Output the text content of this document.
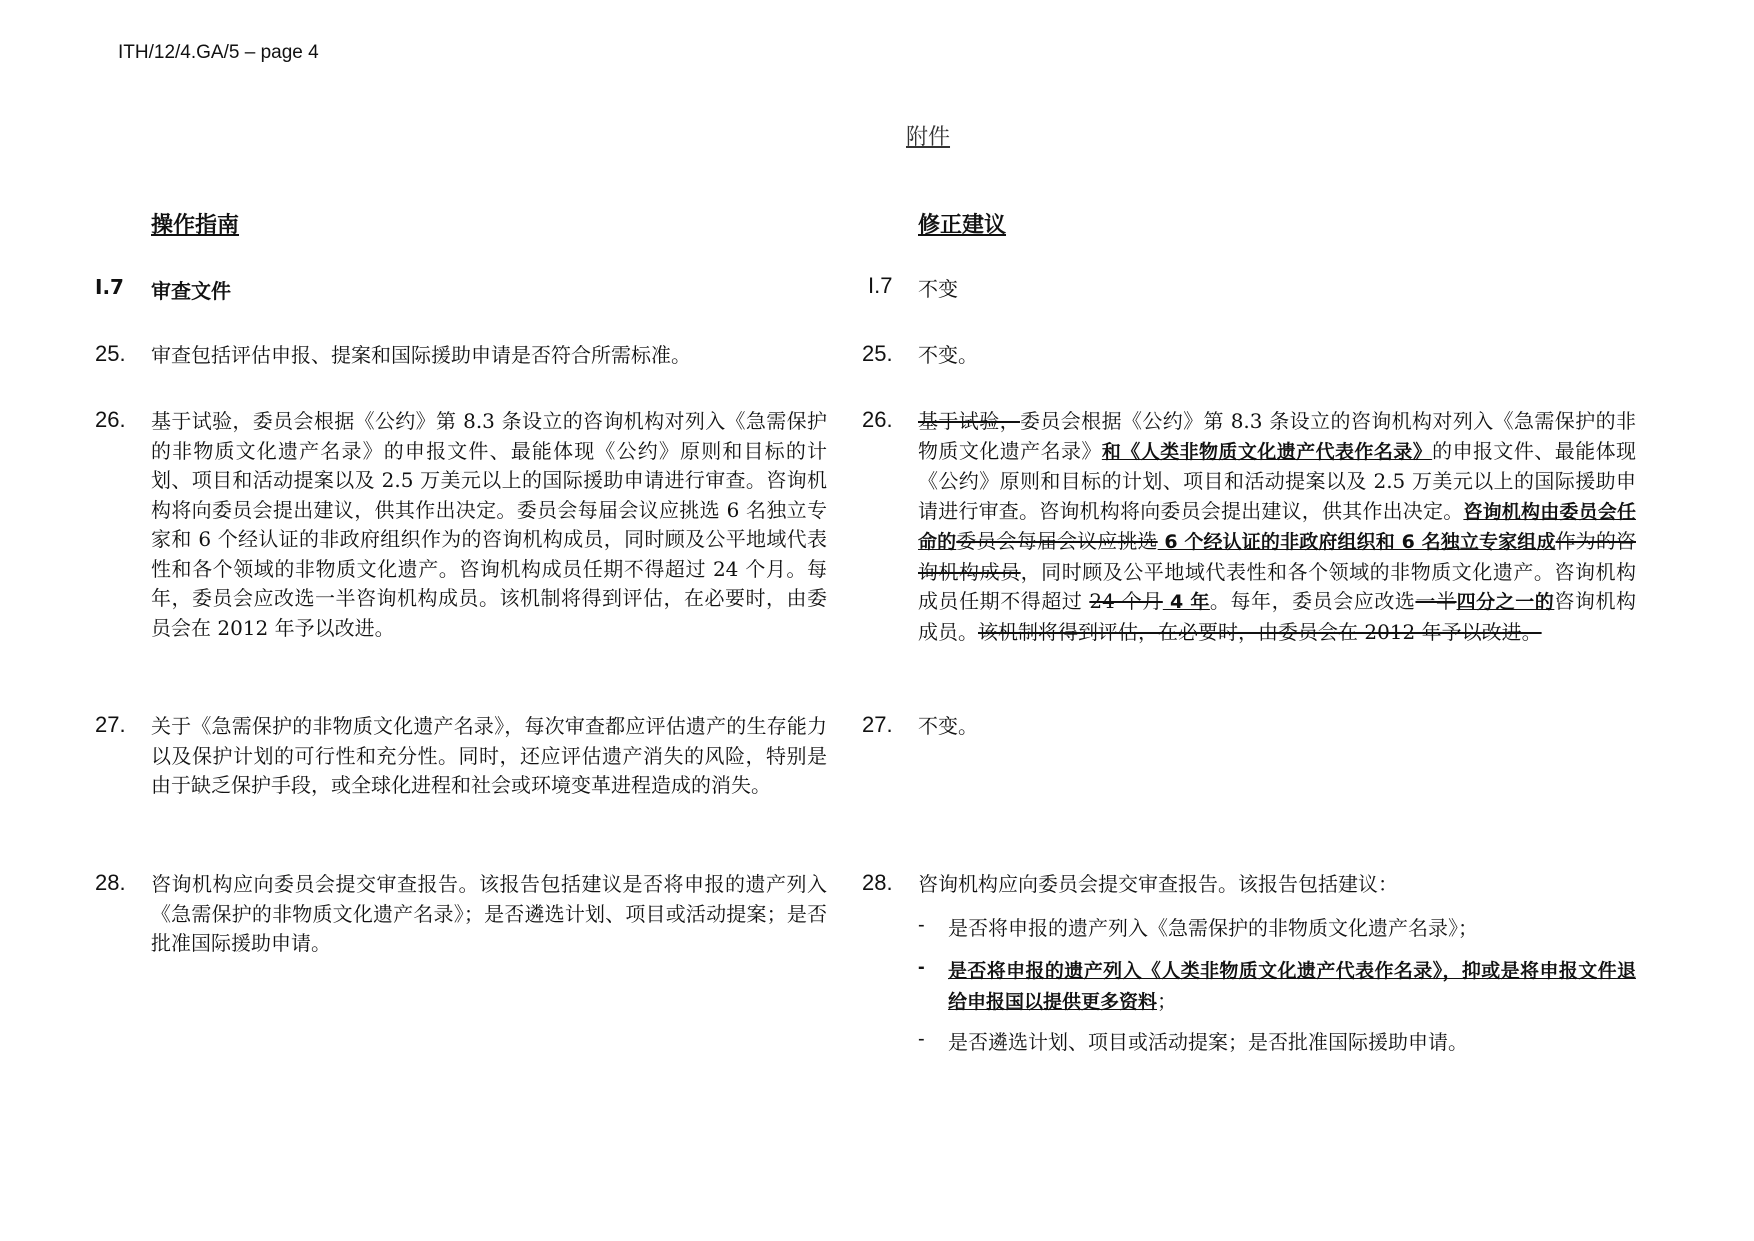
ITH/12/4.GA/5 – page 4
附件
操作指南
I.7 审查文件
25. 审查包括评估申报、提案和国际援助申请是否符合所需标准。
26. 基于试验，委员会根据《公约》第 8.3 条设立的咨询机构对列入《急需保护的非物质文化遗产名录》的申报文件、最能体现《公约》原则和目标的计划、项目和活动提案以及 2.5 万美元以上的国际援助申请进行审查。咨询机构将向委员会提出建议，供其作出决定。委员会每届会议应挑选 6 名独立专家和 6 个经认证的非政府组织作为的咨询机构成员，同时顾及公平地域代表性和各个领域的非物质文化遗产。咨询机构成员任期不得超过 24 个月。每年，委员会应改选一半咨询机构成员。该机制将得到评估，在必要时，由委员会在 2012 年予以改进。
27. 关于《急需保护的非物质文化遗产名录》，每次审查都应评估遗产的生存能力以及保护计划的可行性和充分性。同时，还应评估遗产消失的风险，特别是由于缺乏保护手段，或全球化进程和社会或环境变革进程造成的消失。
28. 咨询机构应向委员会提交审查报告。该报告包括建议是否将申报的遗产列入《急需保护的非物质文化遗产名录》；是否遴选计划、项目或活动提案；是否批准国际援助申请。
修正建议
I.7 不变
25. 不变。
26. 基于试验，委员会根据《公约》第 8.3 条设立的咨询机构对列入《急需保护的非物质文化遗产名录》和《人类非物质文化遗产代表作名录》的申报文件、最能体现《公约》原则和目标的计划、项目和活动提案以及 2.5 万美元以上的国际援助申请进行审查。咨询机构将向委员会提出建议，供其作出决定。咨询机构由委员会任命的委员会每届会议应挑选 6 个经认证的非政府组织和 6 名独立专家组成作为的咨询机构成员，同时顾及公平地域代表性和各个领域的非物质文化遗产。咨询机构成员任期不得超过 24 个月 4 年。每年，委员会应改选一半四分之一的咨询机构成员。该机制将得到评估，在必要时，由委员会在 2012 年予以改进。
27. 不变。
28. 咨询机构应向委员会提交审查报告。该报告包括建议：
- 是否将申报的遗产列入《急需保护的非物质文化遗产名录》；
- 是否将申报的遗产列入《人类非物质文化遗产代表作名录》，抑或是将申报文件退给申报国以提供更多资料；
- 是否遴选计划、项目或活动提案；是否批准国际援助申请。
